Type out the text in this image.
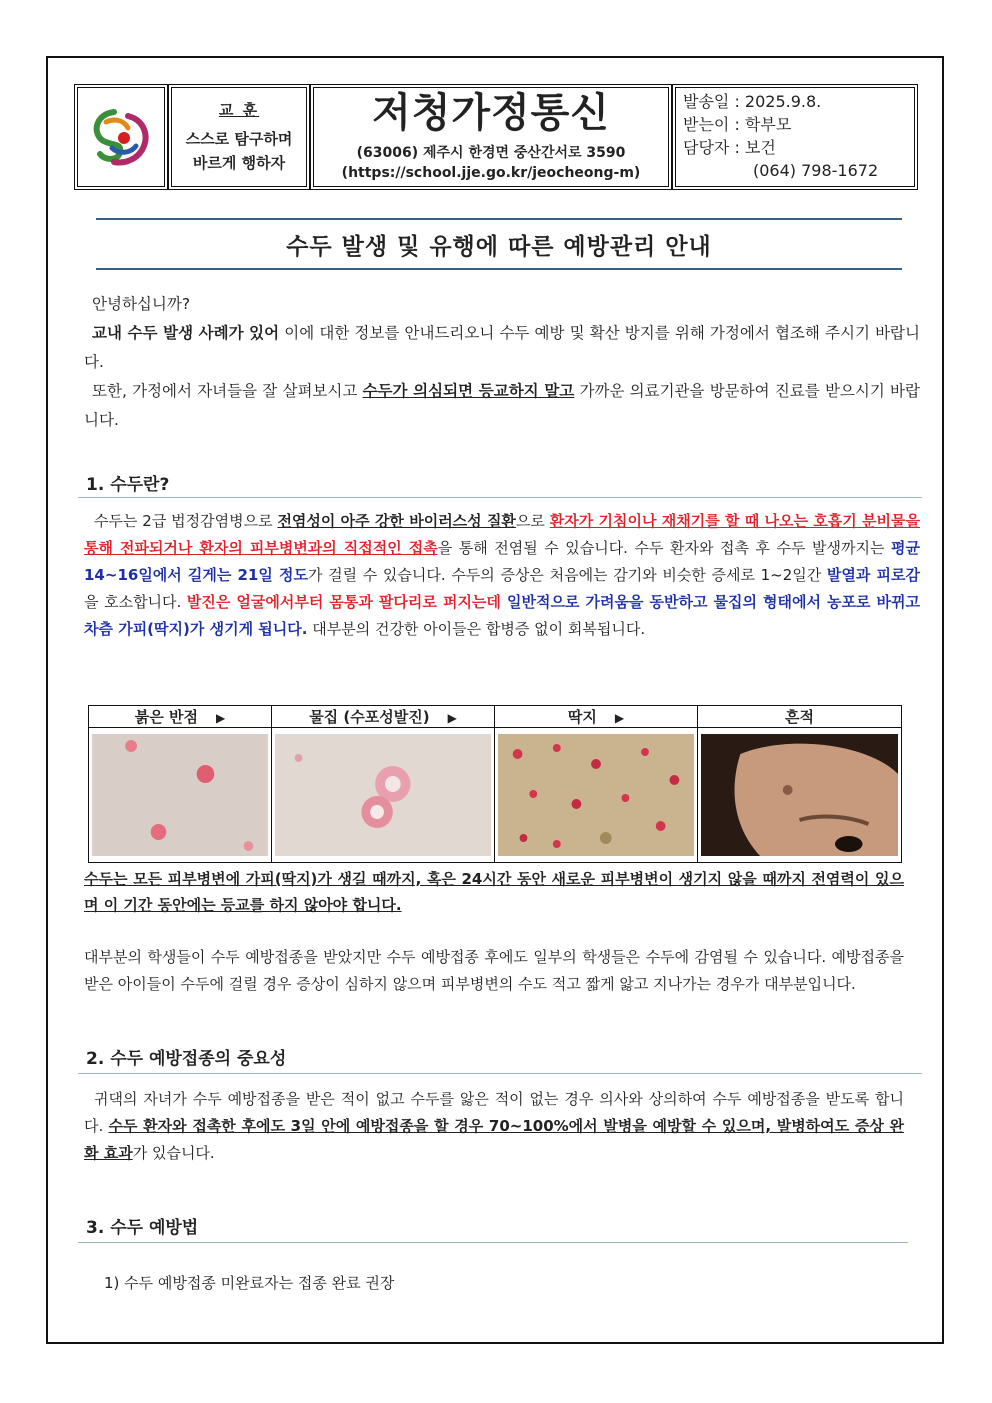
교 훈
스스로 탐구하며
바르게 행하자
저청가정통신
(63006) 제주시 한경면 중산간서로 3590
(https://school.jje.go.kr/jeocheong-m)
발송일 : 2025.9.8.
받는이 : 학부모
담당자 : 보건
(064) 798-1672
수두 발생 및 유행에 따른 예방관리 안내
안녕하십니까?
교내 수두 발생 사례가 있어 이에 대한 정보를 안내드리오니 수두 예방 및 확산 방지를 위해 가정에서 협조해 주시기 바랍니다.
또한, 가정에서 자녀들을 잘 살펴보시고 수두가 의심되면 등교하지 말고 가까운 의료기관을 방문하여 진료를 받으시기 바랍니다.
1. 수두란?
수두는 2급 법정감염병으로 전염성이 아주 강한 바이러스성 질환으로 환자가 기침이나 재채기를 할 때 나오는 호흡기 분비물을 통해 전파되거나 환자의 피부병변과의 직접적인 접촉을 통해 전염될 수 있습니다. 수두 환자와 접촉 후 수두 발생까지는 평균 14~16일에서 길게는 21일 정도가 걸릴 수 있습니다. 수두의 증상은 처음에는 감기와 비슷한 증세로 1~2일간 발열과 피로감을 호소합니다. 발진은 얼굴에서부터 몸통과 팔다리로 퍼지는데 일반적으로 가려움을 동반하고 물집의 형태에서 농포로 바뀌고 차츰 가피(딱지)가 생기게 됩니다. 대부분의 건강한 아이들은 합병증 없이 회복됩니다.
붉은 반점 ▶	물집 (수포성발진) ▶	딱지 ▶	흔적

수두는 모든 피부병변에 가피(딱지)가 생길 때까지, 혹은 24시간 동안 새로운 피부병변이 생기지 않을 때까지 전염력이 있으며 이 기간 동안에는 등교를 하지 않아야 합니다.
대부분의 학생들이 수두 예방접종을 받았지만 수두 예방접종 후에도 일부의 학생들은 수두에 감염될 수 있습니다. 예방접종을 받은 아이들이 수두에 걸릴 경우 증상이 심하지 않으며 피부병변의 수도 적고 짧게 앓고 지나가는 경우가 대부분입니다.
2. 수두 예방접종의 중요성
귀댁의 자녀가 수두 예방접종을 받은 적이 없고 수두를 앓은 적이 없는 경우 의사와 상의하여 수두 예방접종을 받도록 합니다. 수두 환자와 접촉한 후에도 3일 안에 예방접종을 할 경우 70~100%에서 발병을 예방할 수 있으며, 발병하여도 증상 완화 효과가 있습니다.
3. 수두 예방법
1) 수두 예방접종 미완료자는 접종 완료 권장
